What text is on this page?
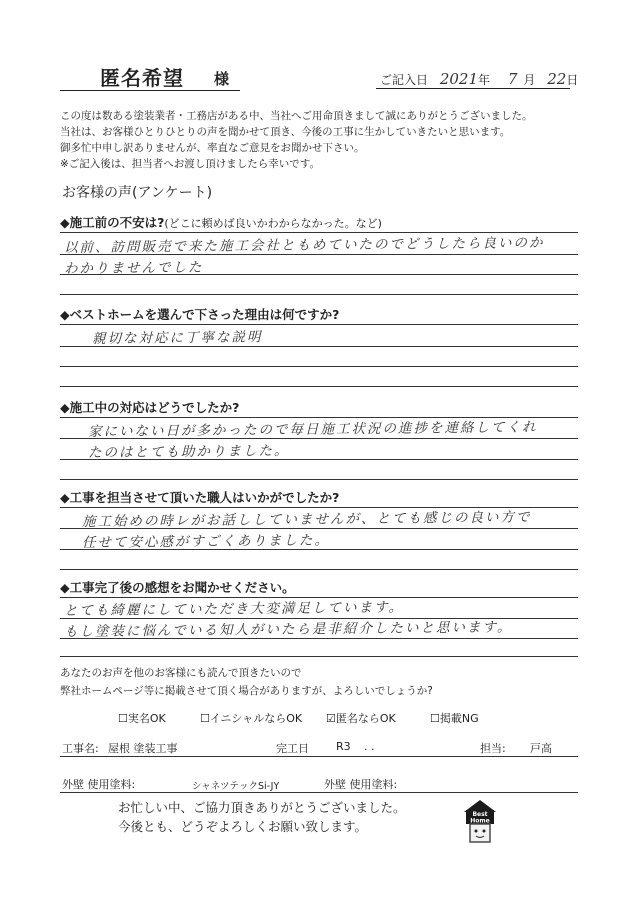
匿名希望 様	ご記入日 2021年 7 月 22日
この度は数ある塗装業者・工務店がある中、当社へご用命頂きまして誠にありがとうございました。
当社は、お客様ひとりひとりの声を聞かせて頂き、今後の工事に生かしていきたいと思います。
御多忙中申し訳ありませんが、率直なご意見をお聞かせ下さい。
※ご記入後は、担当者へお渡し頂けましたら幸いです。
お客様の声(アンケート)
◆施工前の不安は?(どこに頼めば良いかわからなかった。など)
以前、訪問販売で来た施工会社ともめていたのでどうしたら良いのか
わかりませんでした
◆ベストホームを選んで下さった理由は何ですか?
親切な対応に丁寧な説明
◆施工中の対応はどうでしたか?
家にいない日が多かったので毎日施工状況の進捗を連絡してくれ
たのはとても助かりました。
◆工事を担当させて頂いた職人はいかがでしたか?
施工始めの時レがお話ししていませんが、とても感じの良い方で
任せて安心感がすごくありました。
◆工事完了後の感想をお聞かせください。
とても綺麗にしていただき大変満足しています。
もし塗装に悩んでいる知人がいたら是非紹介したいと思います。
あなたのお声を他のお客様にも読んで頂きたいので
弊社ホームページ等に掲載させて頂く場合がありますが、よろしいでしょうか?
☐実名OK	☐イニシャルならOK ☑匿名ならOK	☐掲載NG
工事名: 屋根 塗装工事	完工日 R3 . .	担当: 戸高
外壁 使用塗料:	シャネツテックSi-JY	外壁 使用塗料:
お忙しい中、ご協力頂きありがとうございました。
今後とも、どうぞよろしくお願い致します。
Best
Home
